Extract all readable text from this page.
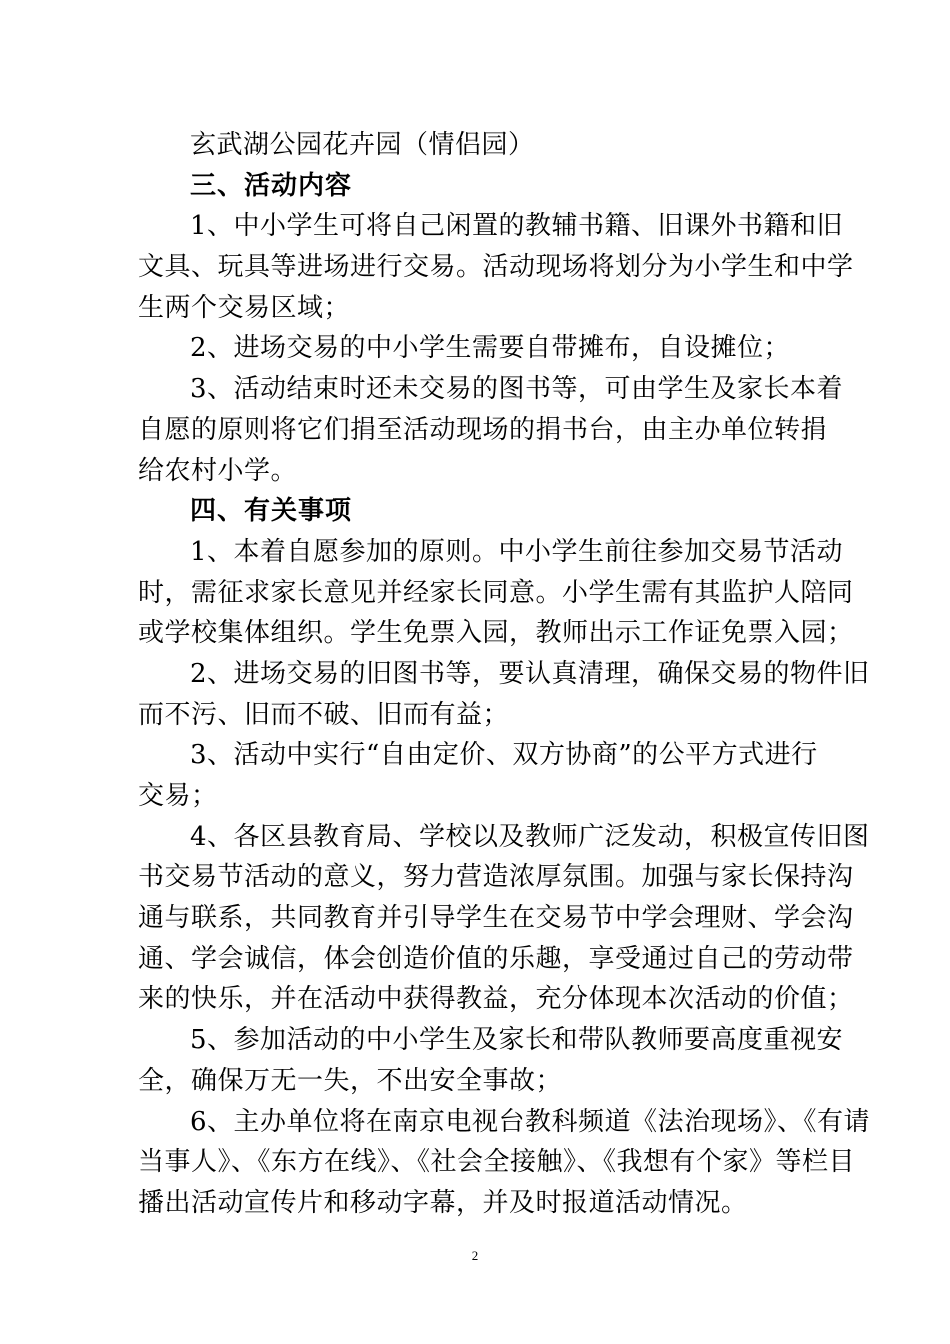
玄武湖公园花卉园（情侣园）
三、活动内容
1、中小学生可将自己闲置的教辅书籍、旧课外书籍和旧
文具、玩具等进场进行交易。活动现场将划分为小学生和中学
生两个交易区域；
2、进场交易的中小学生需要自带摊布，自设摊位；
3、活动结束时还未交易的图书等，可由学生及家长本着
自愿的原则将它们捐至活动现场的捐书台，由主办单位转捐
给农村小学。
四、有关事项
1、本着自愿参加的原则。中小学生前往参加交易节活动
时，需征求家长意见并经家长同意。小学生需有其监护人陪同
或学校集体组织。学生免票入园，教师出示工作证免票入园；
2、进场交易的旧图书等，要认真清理，确保交易的物件旧
而不污、旧而不破、旧而有益；
3、活动中实行“自由定价、双方协商”的公平方式进行
交易；
4、各区县教育局、学校以及教师广泛发动，积极宣传旧图
书交易节活动的意义，努力营造浓厚氛围。加强与家长保持沟
通与联系，共同教育并引导学生在交易节中学会理财、学会沟
通、学会诚信，体会创造价值的乐趣，享受通过自己的劳动带
来的快乐，并在活动中获得教益，充分体现本次活动的价值；
5、参加活动的中小学生及家长和带队教师要高度重视安
全，确保万无一失，不出安全事故；
6、主办单位将在南京电视台教科频道《法治现场》、《有请
当事人》、《东方在线》、《社会全接触》、《我想有个家》等栏目
播出活动宣传片和移动字幕，并及时报道活动情况。
2
